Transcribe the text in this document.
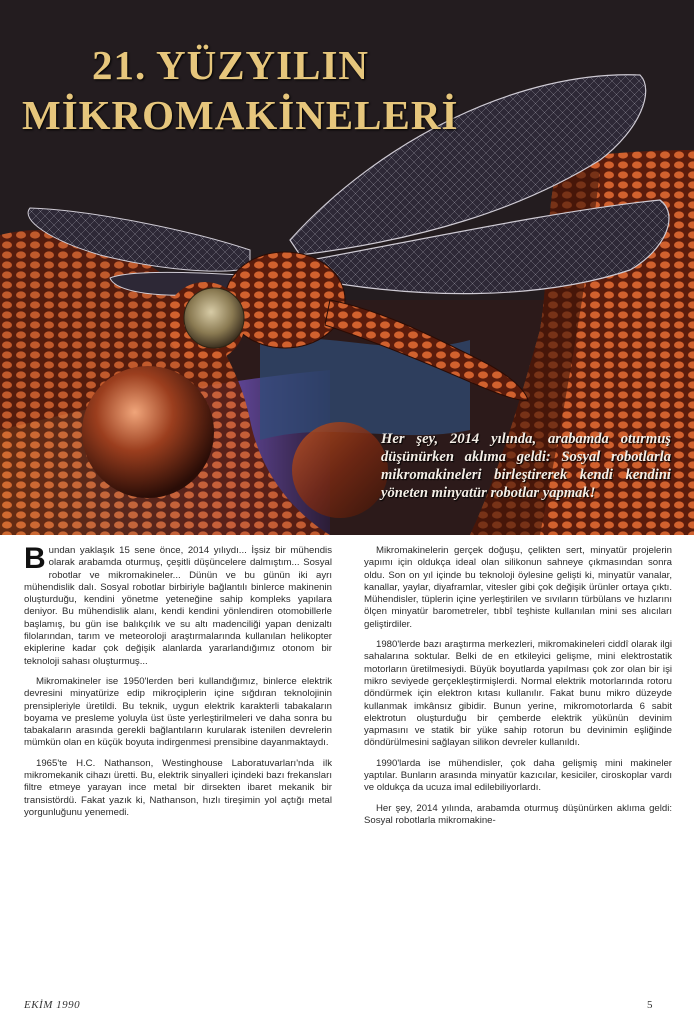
21. YÜZYILIN
MİKROMAKİNELERİ
Her şey, 2014 yılında, arabamda oturmuş düşünürken aklıma geldi: Sosyal robotlarla mikromakineleri birleştirerek kendi kendini yöneten minyatür robotlar yapmak!

Bundan yaklaşık 15 sene önce, 2014 yılıydı... İşsiz bir mühendis olarak arabamda oturmuş, çeşitli düşüncelere dalmıştım... Sosyal robotlar ve mikromakineler... Dünün ve bu günün iki ayrı mühendislik dalı. Sosyal robotlar birbiriyle bağlantılı binlerce makinenin oluşturduğu, kendini yönetme yeteneğine sahip kompleks yapılara deniyor. Bu mühendislik alanı, kendi kendini yönlendiren otomobillerle başlamış, bu gün ise balıkçılık ve su altı madenciliği yapan denizaltı filolarından, tarım ve meteoroloji araştırmalarında kullanılan helikopter ekiplerine kadar çok değişik alanlarda yararlandığımız otonom bir teknoloji sahası oluşturmuş...

Mikromakineler ise 1950'lerden beri kullandığımız, binlerce elektrik devresini minyatürize edip mikroçiplerin içine sığdıran teknolojinin prensipleriyle üretildi. Bu teknik, uygun elektrik karakterli tabakaların boyama ve presleme yoluyla üst üste yerleştirilmeleri ve daha sonra bu tabakaların arasında gerekli bağlantıların kurularak istenilen devrelerin mümkün olan en küçük boyuta indirgenmesi prensibine dayanmaktaydı.

1965'te H.C. Nathanson, Westinghouse Laboratuvarları'nda ilk mikromekanik cihazı üretti. Bu, elektrik sinyalleri içindeki bazı frekansları filtre etmeye yarayan ince metal bir dirsekten ibaret mekanik bir transistördü. Fakat yazık ki, Nathanson, hızlı tireşimin yol açtığı metal yorgunluğunu yenemedi.

Mikromakinelerin gerçek doğuşu, çelikten sert, minyatür projelerin yapımı için oldukça ideal olan silikonun sahneye çıkmasından sonra oldu. Son on yıl içinde bu teknoloji öylesine gelişti ki, minyatür vanalar, kanallar, yaylar, diyaframlar, vitesler gibi çok değişik ürünler ortaya çıktı. Mühendisler, tüplerin içine yerleştirilen ve sıvıların türbülans ve hızlarını ölçen minyatür barometreler, tıbbî teşhiste kullanılan mini ses alıcıları geliştirdiler.

1980'lerde bazı araştırma merkezleri, mikromakineleri ciddî olarak ilgi sahalarına soktular. Belki de en etkileyici gelişme, mini elektrostatik motorların üretilmesiydi. Büyük boyutlarda yapılması çok zor olan bir işi mikro seviyede gerçekleştirmişlerdi. Normal elektrik motorlarında rotoru döndürmek için elektron kıtası kullanılır. Fakat bunu mikro düzeyde kullanmak imkânsız gibidir. Bunun yerine, mikromotorlarda 6 sabit elektrotun oluşturduğu bir çemberde elektrik yükünün devinim yapmasını ve statik bir yüke sahip rotorun bu devinimin eşliğinde döndürülmesini sağlayan silikon devreler kullanıldı.

1990'larda ise mühendisler, çok daha gelişmiş mini makineler yaptılar. Bunların arasında minyatür kazıcılar, kesiciler, ciroskoplar vardı ve oldukça da ucuza imal edilebiliyorlardı.

Her şey, 2014 yılında, arabamda oturmuş düşünürken aklıma geldi: Sosyal robotlarla mikromakine-

EKİM 1990	5
